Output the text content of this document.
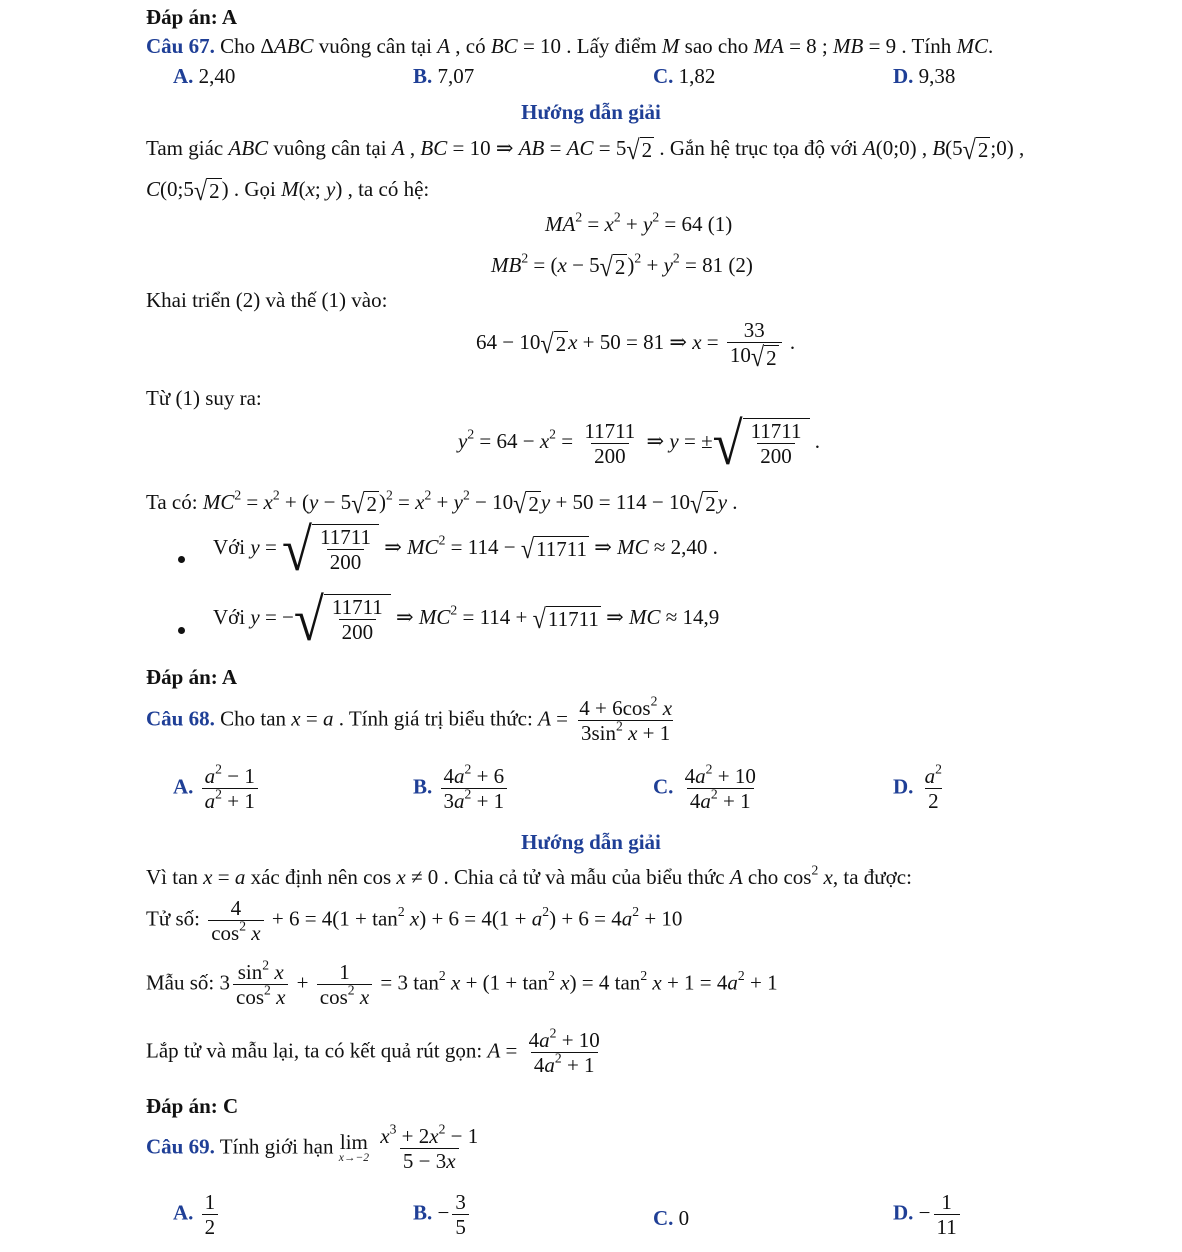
Đáp án: A
Câu 67. Cho ΔABC vuông cân tại A , có BC = 10 . Lấy điểm M sao cho MA = 8 ; MB = 9 . Tính MC.
A. 2,40	B. 7,07	C. 1,82	D. 9,38
Hướng dẫn giải
Tam giác ABC vuông cân tại A , BC = 10 ⇒ AB = AC = 5 √ 2 . Gắn hệ trục tọa độ với A(0;0) , B(5 √ 2 ;0) ,
C(0;5 √ 2 ) . Gọi M(x; y) , ta có hệ:
$MA^2 = x^2 + y^2 = 64$ (1)
$MB^2 = (x - 5$ √ 2 )$^2 + y^2 = 81$ (2)
Khai triển (2) và thế (1) vào:
64 − 10 √ 2 x + 50 = 81 ⇒ $x = \frac{33}{10 √ 2}$ .
Từ (1) suy ra:
$y^2 = 64 - x^2 = \frac{11711}{200}$ ⇒ y = ± √ $\frac{11711}{200}$ .
Ta có: $MC^2 = x^2 + (y - 5$ √ 2 )$^2 = x^2 + y^2 - 10$ √ 2 y + 50 = 114 − 10 √ 2 y .
Với y = √ $\frac{11711}{200}$ ⇒ $MC^2 = 114$ − √ 11711 ⇒ MC ≈ 2,40 .
Với y = − √ $\frac{11711}{200}$ ⇒ $MC^2 = 114$ + √ 11711 ⇒ MC ≈ 14,9
Đáp án: A
Câu 68. Cho tan x = a . Tính giá trị biểu thức: $A = \frac{4 + 6\cos^2 x}{3\sin^2 x + 1}$
A. $\frac{a^2 - 1}{a^2 + 1}$	B. $\frac{4a^2 + 6}{3a^2 + 1}$	C. $\frac{4a^2 + 10}{4a^2 + 1}$	D. $\frac{a^2}{2}$
Hướng dẫn giải
Vì tan x = a xác định nên cos x ≠ 0 . Chia cả tử và mẫu của biểu thức A cho $\cos^2 x$, ta được:
Tử số: $\frac{4}{\cos^2 x} + 6 = 4(1 + \tan^2 x) + 6 = 4(1 + a^2) + 6 = 4a^2 + 10$
Mẫu số: $3 \frac{\sin^2 x}{\cos^2 x} + \frac{1}{\cos^2 x} = 3$ $\tan^2 x + (1 + \tan^2 x) = 4$ $\tan^2 x + 1 = 4a^2 + 1$
Lắp tử và mẫu lại, ta có kết quả rút gọn: $A = \frac{4a^2 + 10}{4a^2 + 1}$
Đáp án: C
Câu 69. Tính giới hạn lim
x→−2
$\frac{x^3 + 2x^2 - 1}{5 - 3x}$
A. $\frac{1}{2}$	B. − $\frac{3}{5}$	C. 0	D. − $\frac{1}{11}$
